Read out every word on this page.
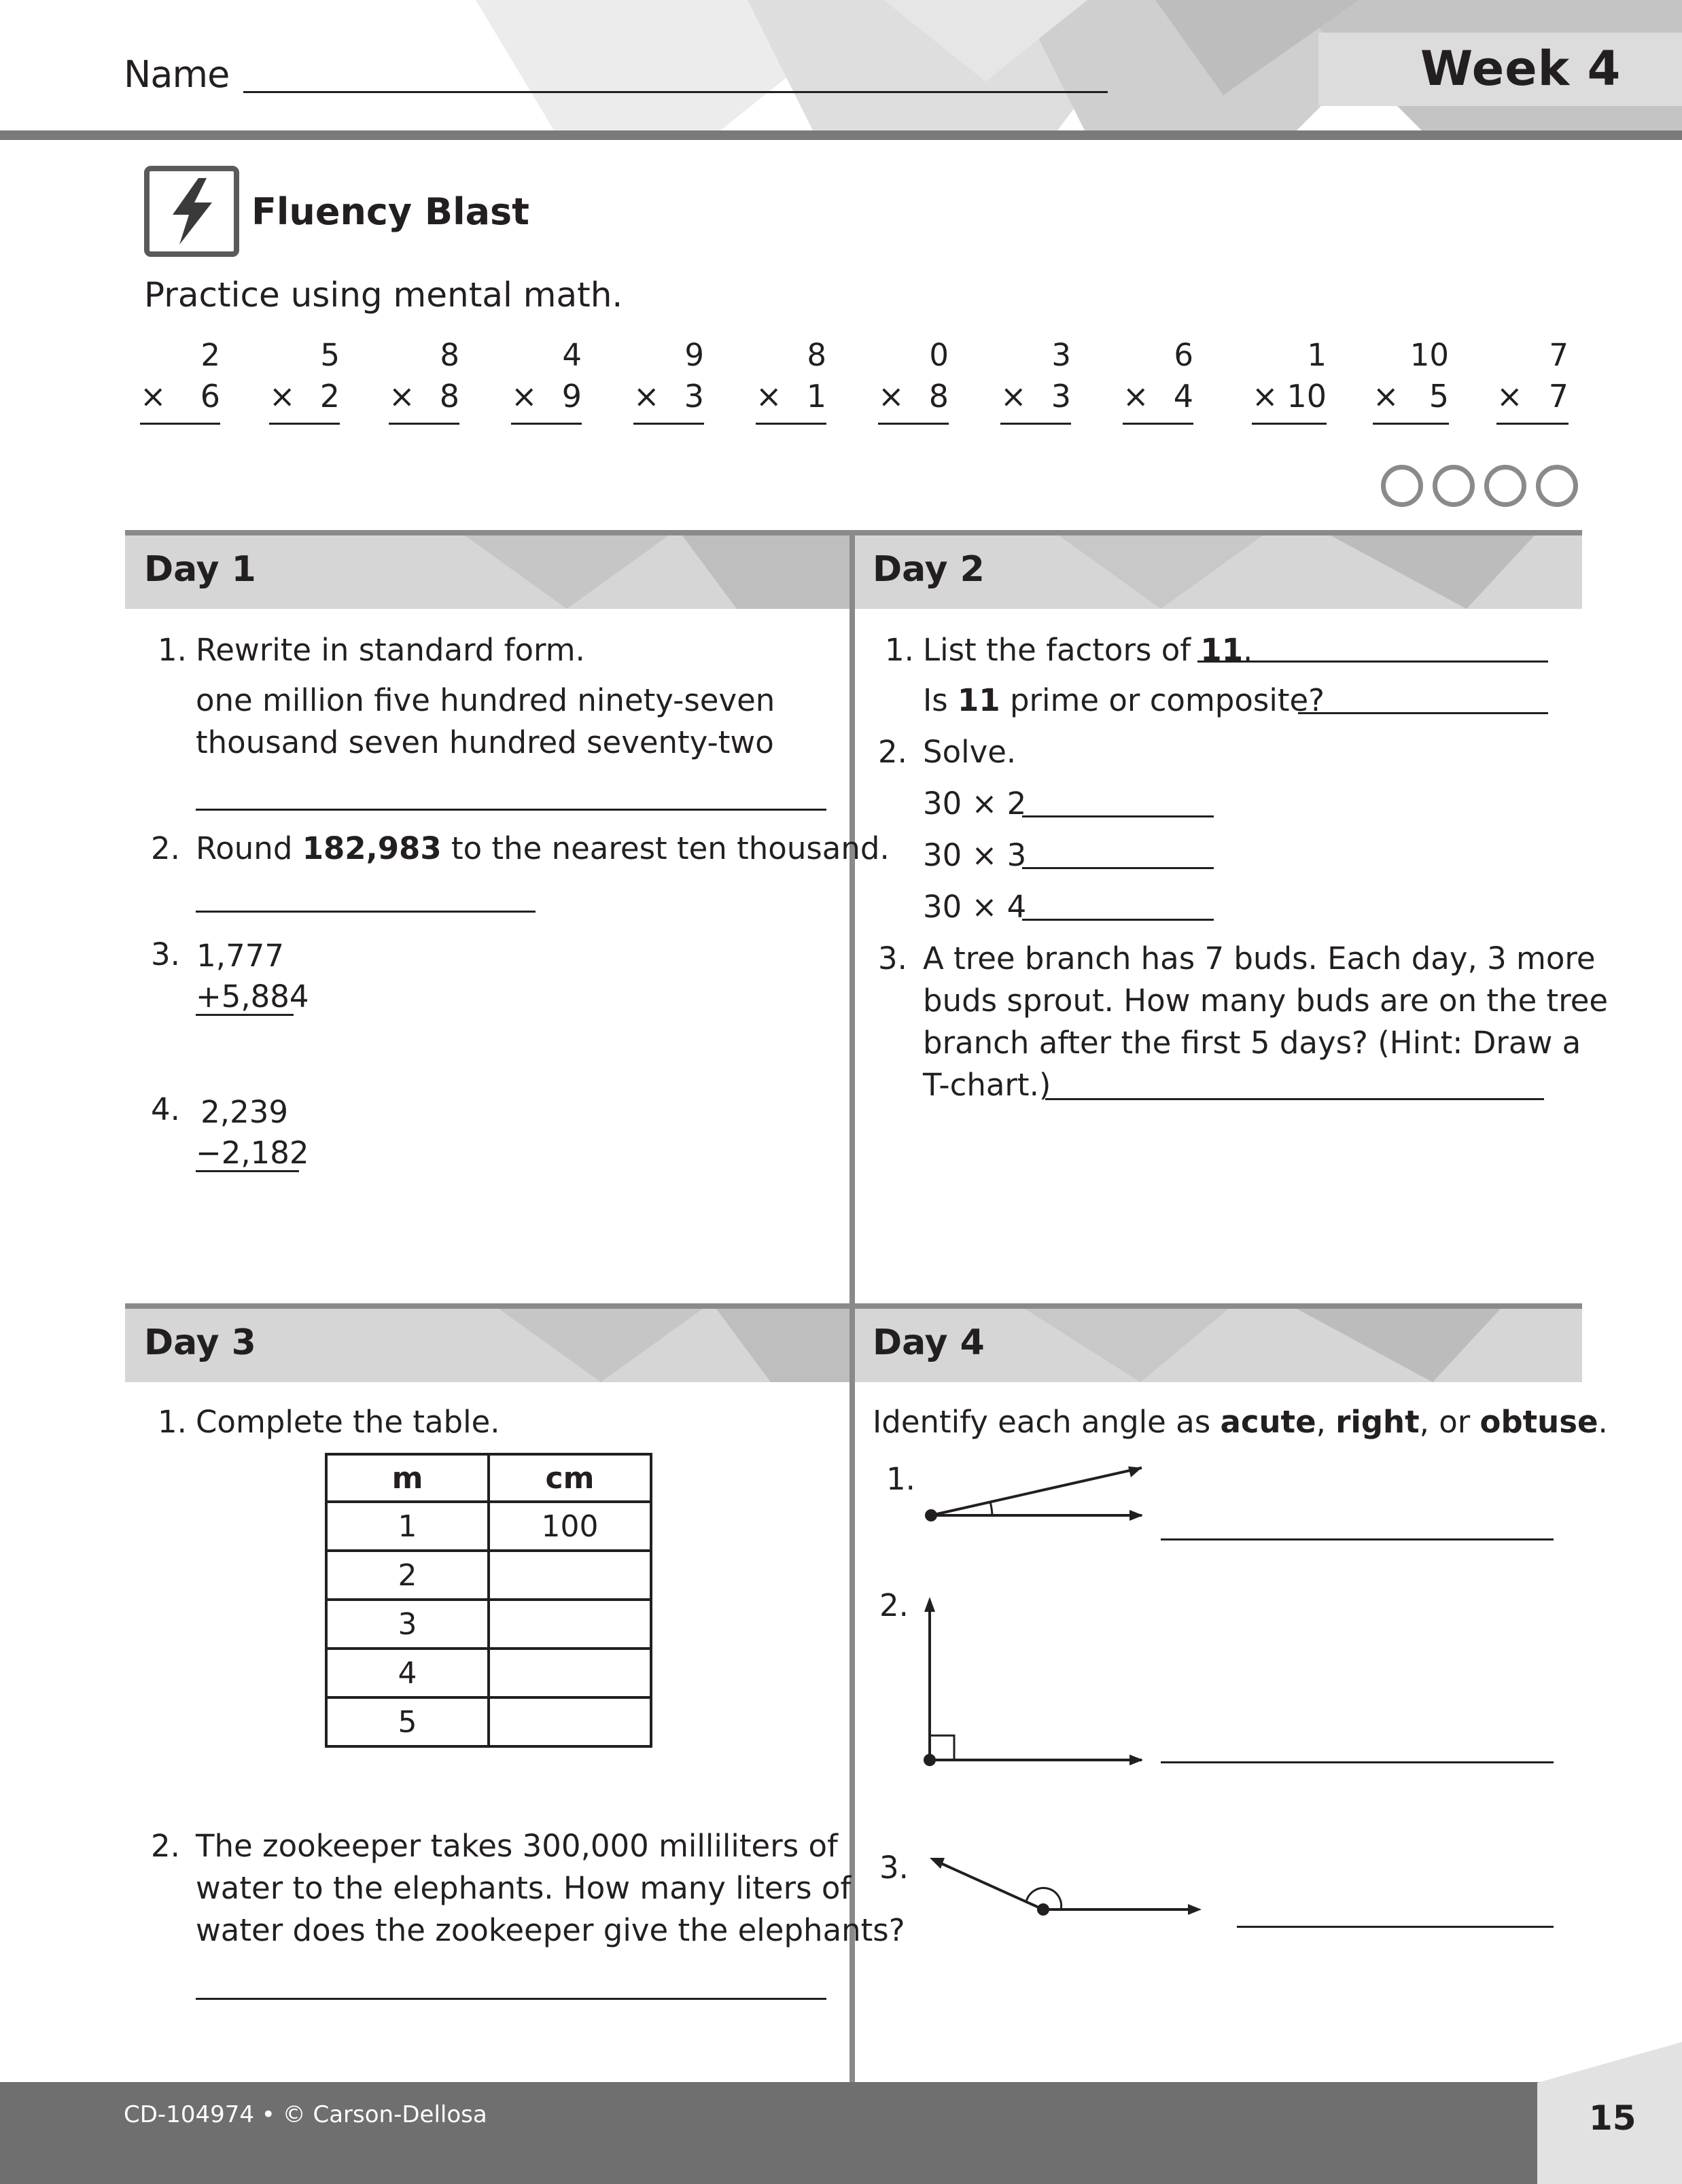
Name	Week 4
Fluency Blast
Practice using mental math.
2
× 6
5
× 2
8
× 8
4
× 9
9
× 3
8
× 1
0
× 8
3
× 3
6
× 4
1
× 10
10
× 5
7
× 7
Day 1	Day 2
Day 3	Day 4
1. Rewrite in standard form.
one million five hundred ninety-seven
thousand seven hundred seventy-two
2. Round 182,983 to the nearest ten thousand.
3. 1,777
+5,884
4. 2,239
−2,182
1. List the factors of 11.
Is 11 prime or composite?
2. Solve.
30 × 2
30 × 3
30 × 4
3. A tree branch has 7 buds. Each day, 3 more
buds sprout. How many buds are on the tree
branch after the first 5 days? (Hint: Draw a
T-chart.)
1. Complete the table.
m	cm
1	100
2	
3	
4	
5	
2. The zookeeper takes 300,000 milliliters of
water to the elephants. How many liters of
water does the zookeeper give the elephants?
Identify each angle as acute, right, or obtuse.
1.
2.
3.
CD-104974 • © Carson-Dellosa	15
